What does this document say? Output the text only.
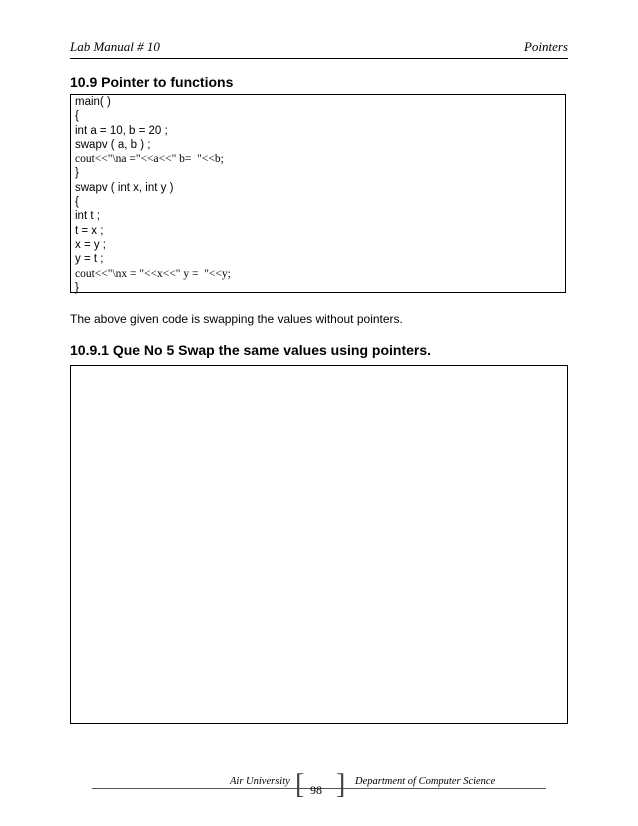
Lab Manual # 10	Pointers
10.9 Pointer to functions
main( )
{
int a = 10, b = 20 ;
swapv ( a, b ) ;
cout<<"\na ="<<a<<" b=  "<<b;
}
swapv ( int x, int y )
{
int t ;
t = x ;
x = y ;
y = t ;
cout<<"\nx = "<<x<<" y =  "<<y;
}
The above given code is swapping the values without pointers.
10.9.1 Que No 5 Swap the same values using pointers.
Air University [ 98 ] Department of Computer Science
